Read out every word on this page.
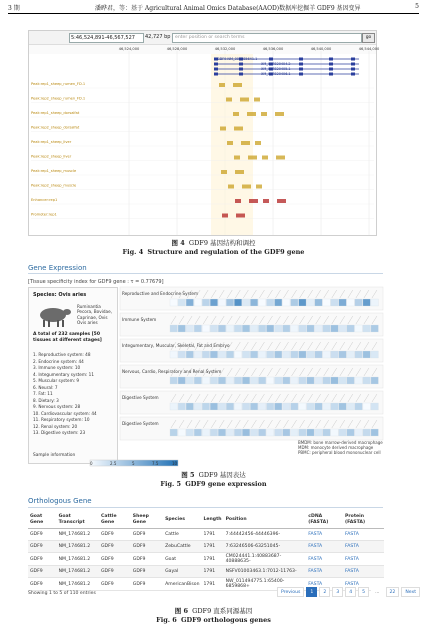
3 期	潘晔君，等：基于 Agricultural Animal Omics Database(AAOD)数据库挖掘羊 GDF9 基因变异	5
5:46,524,891-46,567,527	42,727 bp enter position or search terms	go
46,524,000	46,528,000	46,532,000	46,536,000	46,540,000	46,544,000
GDF9 NM_001285641.1
XM_027820404.2
XM_027820405.1
XM_027820406.1
Peak:rep1_sheep_rumen_FD.1
Peak:rep2_sheep_rumen_FD.1
Peak:rep1_sheep_dorsalfat
Peak:rep2_sheep_dorsalfat
Peak:rep1_sheep_liver
Peak:rep2_sheep_liver
Peak:rep1_sheep_muscle
Peak:rep2_sheep_muscle
Enhancer:rep1
Promoter:rep1
图 4 GDF9 基因结构和调控
Fig. 4 Structure and regulation of the GDF9 gene
Gene Expression
[Tissue specificity index for GDF9 gene : τ = 0.77679]
Species: Ovis aries
Ruminantia
Pecora, Bovidae,
Caprinae, Ovis
Ovis aries
A total of 232 samples [50 tissues at different stages]
1. Reproductive system: 48
2. Endocrine system: 44
3. Immune system: 10
4. Integumentary system: 11
5. Muscular system: 9
6. Neural: 7
7. Fat: 11
8. Dietary: 3
9. Nervous system: 28
10. Cardiovascular system: 44
11. Respiratory system: 10
12. Renal system: 20
13. Digestive system: 23
Sample information
Reproductive and Endocrine System
Immune System
Integumentary, Muscular, Skeletal, Fat and Embryo
Nervous, Cardio, Respiratory and Renal System
Digestive System
Digestive System
BMDM: bone marrow-derived macrophage
MDM: monocyte derived macrophage
PBMC: peripheral blood mononuclear cell
0	2.5	5	7.5	10
图 5 GDF9 基因表达
Fig. 5 GDF9 gene expression
Orthologous Gene
Goat Gene	Goat Transcript	Cattle Gene	Sheep Gene	Species	Length	Position	cDNA (FASTA)	Protein (FASTA)
GDF9	NM_174681.2	GDF9	GDF9	Cattle	1791	7:44442456-44446396-	FASTA	FASTA
GDF9	NM_174681.2	GDF9	GDF9	ZebuCattle	1791	7:63246506-63251045-	FASTA	FASTA
GDF9	NM_174681.2	GDF9	GDF9	Goat	1791	CM024441.1:40883687-40888635-	FASTA	FASTA
GDF9	NM_174681.2	GDF9	GDF9	Gayal	1791	NSFV01003463.1:7012-11763-	FASTA	FASTA
GDF9	NM_174681.2	GDF9	GDF9	AmericanBison	1791	NW_011494775.1:65400-6859868+	FASTA	FASTA
Showing 1 to 5 of 110 entries	Previous	1	2	3	4	5	...	22	Next
图 6 GDF9 直系同源基因
Fig. 6 GDF9 orthologous genes
